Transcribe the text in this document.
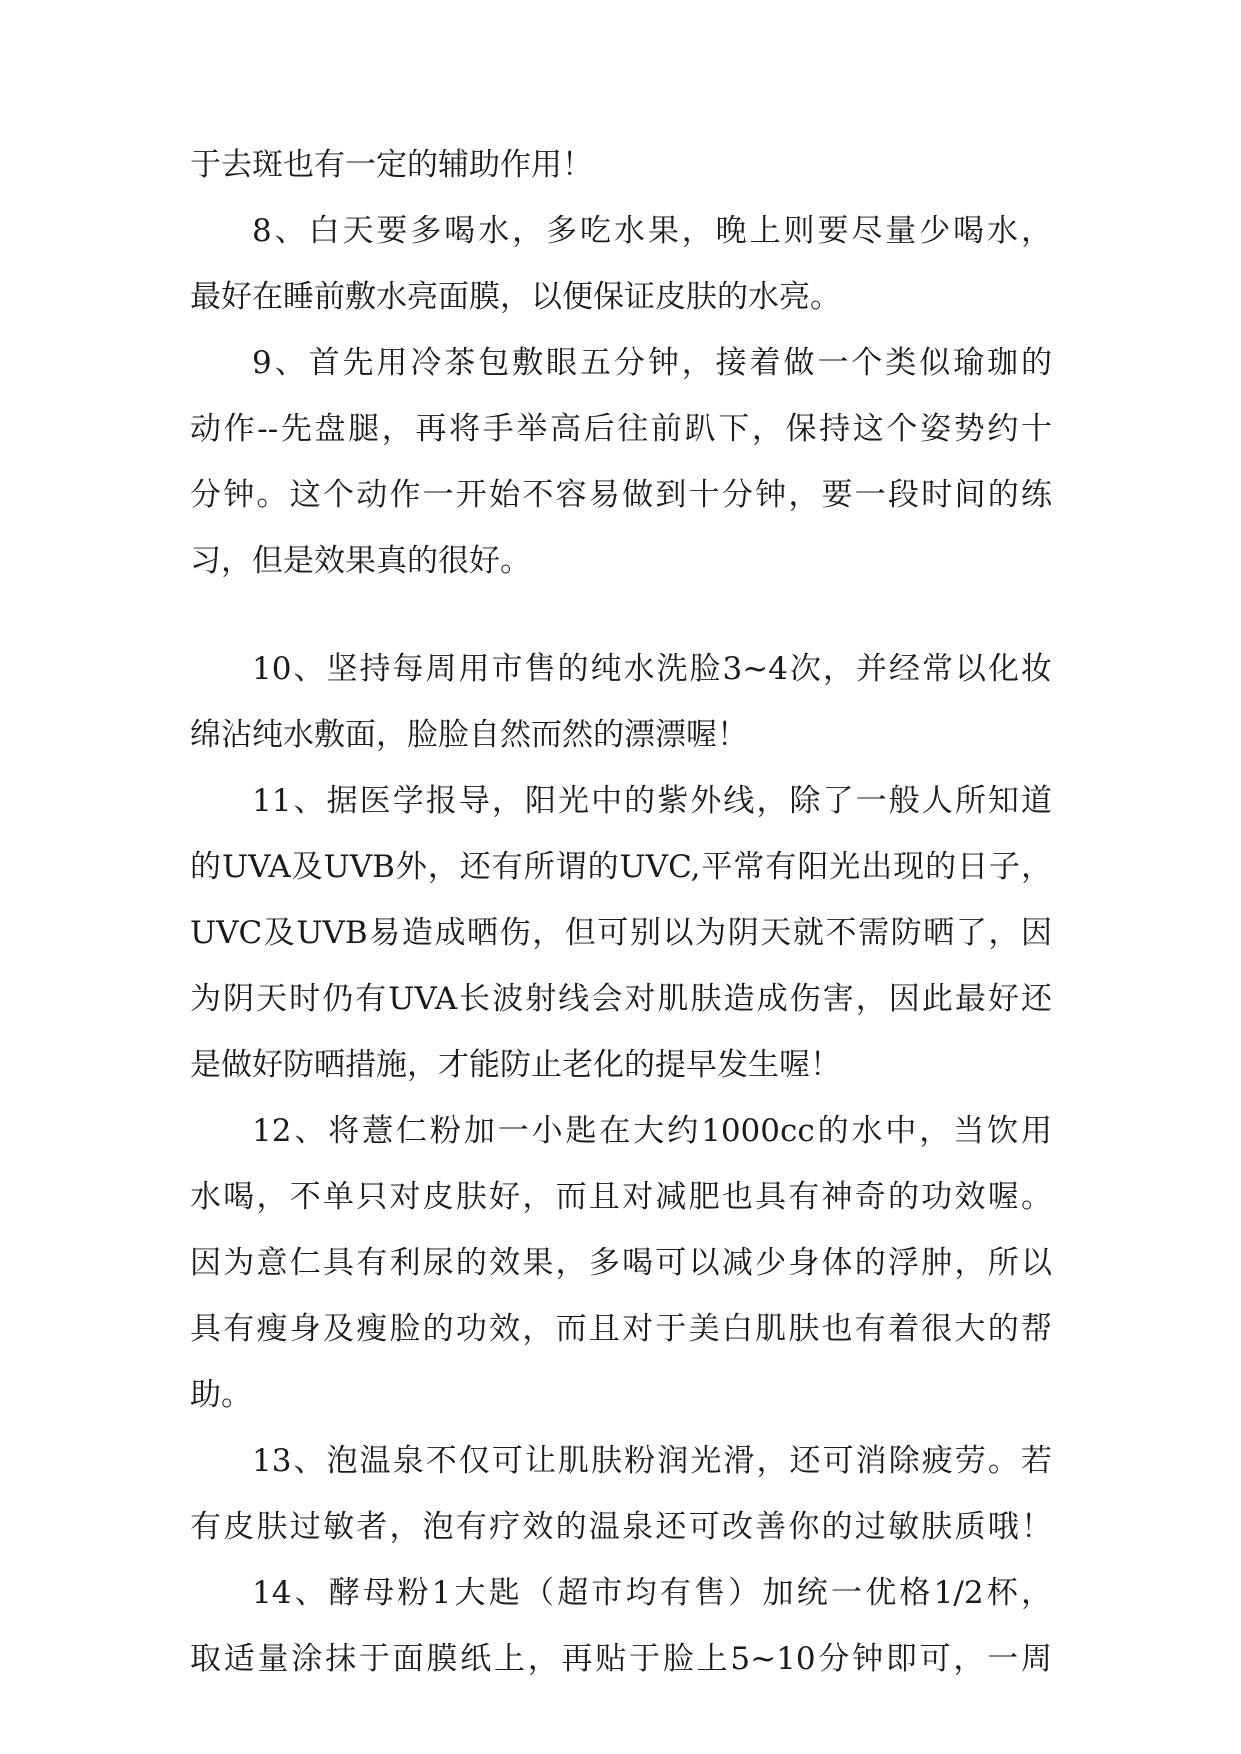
于去斑也有一定的辅助作用！
8、白天要多喝水，多吃水果，晚上则要尽量少喝水，
最好在睡前敷水亮面膜，以便保证皮肤的水亮。
9、首先用冷茶包敷眼五分钟，接着做一个类似瑜珈的
动作--先盘腿，再将手举高后往前趴下，保持这个姿势约十
分钟。这个动作一开始不容易做到十分钟，要一段时间的练
习，但是效果真的很好。
10、坚持每周用市售的纯水洗脸3~4次，并经常以化妆
绵沾纯水敷面，脸脸自然而然的漂漂喔！
11、据医学报导，阳光中的紫外线，除了一般人所知道
的UVA及UVB外，还有所谓的UVC,平常有阳光出现的日子，
UVC及UVB易造成晒伤，但可别以为阴天就不需防晒了，因
为阴天时仍有UVA长波射线会对肌肤造成伤害，因此最好还
是做好防晒措施，才能防止老化的提早发生喔！
12、将薏仁粉加一小匙在大约1000cc的水中，当饮用
水喝，不单只对皮肤好，而且对减肥也具有神奇的功效喔。
因为意仁具有利尿的效果，多喝可以减少身体的浮肿，所以
具有瘦身及瘦脸的功效，而且对于美白肌肤也有着很大的帮
助。
13、泡温泉不仅可让肌肤粉润光滑，还可消除疲劳。若
有皮肤过敏者，泡有疗效的温泉还可改善你的过敏肤质哦！
14、酵母粉1大匙（超市均有售）加统一优格1/2杯，
取适量涂抹于面膜纸上，再贴于脸上5~10分钟即可，一周
